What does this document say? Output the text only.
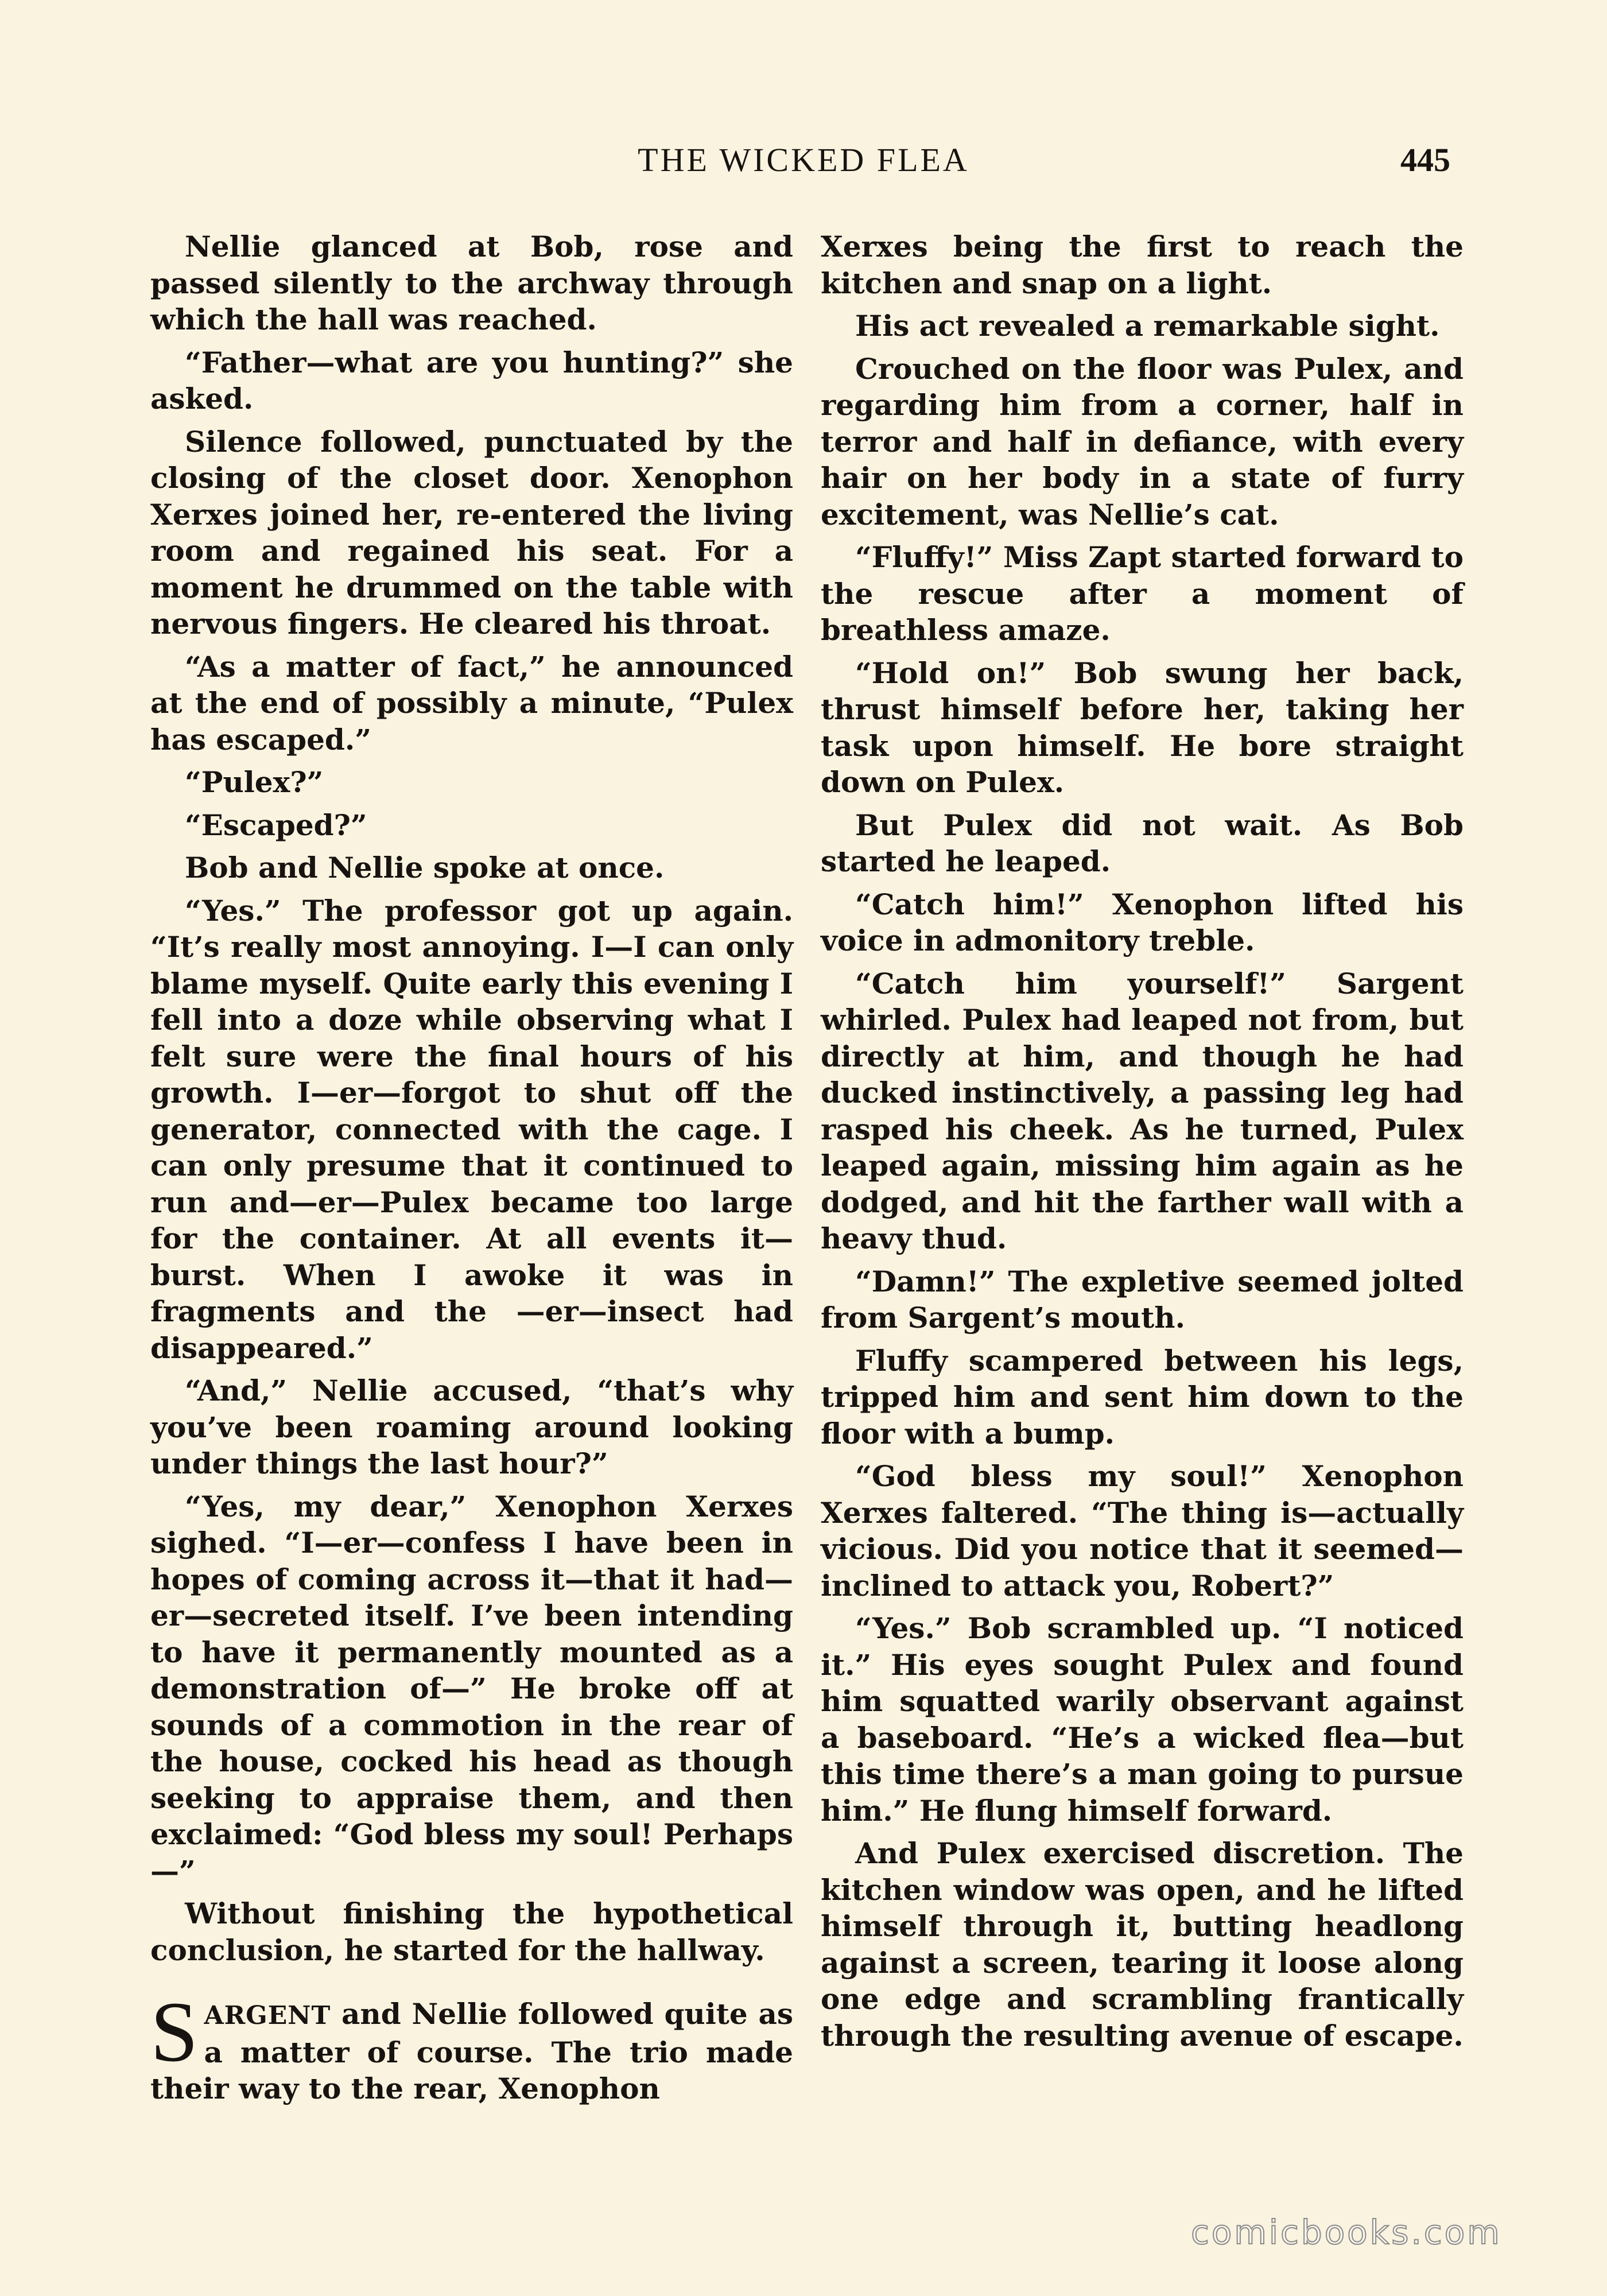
THE WICKED FLEA	445

Nellie glanced at Bob, rose and passed silently to the archway through which the hall was reached.

“Father—what are you hunting?” she asked.

Silence followed, punctuated by the closing of the closet door. Xenophon Xerxes joined her, re-entered the living room and regained his seat. For a moment he drummed on the table with nervous fingers. He cleared his throat.

“As a matter of fact,” he announced at the end of possibly a minute, “Pulex has escaped.”

“Pulex?”

“Escaped?”

Bob and Nellie spoke at once.

“Yes.” The professor got up again. “It’s really most annoying. I—I can only blame myself. Quite early this evening I fell into a doze while observing what I felt sure were the final hours of his growth. I—er—forgot to shut off the generator, connected with the cage. I can only presume that it continued to run and—er—Pulex became too large for the container. At all events it—burst. When I awoke it was in fragments and the —er—insect had disappeared.”

“And,” Nellie accused, “that’s why you’ve been roaming around looking under things the last hour?”

“Yes, my dear,” Xenophon Xerxes sighed. “I—er—confess I have been in hopes of coming across it—that it had—er—secreted itself. I’ve been intending to have it permanently mounted as a demonstration of—” He broke off at sounds of a commotion in the rear of the house, cocked his head as though seeking to appraise them, and then exclaimed: “God bless my soul! Perhaps—”

Without finishing the hypothetical conclusion, he started for the hallway.

SARGENT and Nellie followed quite as a matter of course. The trio made their way to the rear, Xenophon

Xerxes being the first to reach the kitchen and snap on a light.

His act revealed a remarkable sight.

Crouched on the floor was Pulex, and regarding him from a corner, half in terror and half in defiance, with every hair on her body in a state of furry excitement, was Nellie’s cat.

“Fluffy!” Miss Zapt started forward to the rescue after a moment of breathless amaze.

“Hold on!” Bob swung her back, thrust himself before her, taking her task upon himself. He bore straight down on Pulex.

But Pulex did not wait. As Bob started he leaped.

“Catch him!” Xenophon lifted his voice in admonitory treble.

“Catch him yourself!” Sargent whirled. Pulex had leaped not from, but directly at him, and though he had ducked instinctively, a passing leg had rasped his cheek. As he turned, Pulex leaped again, missing him again as he dodged, and hit the farther wall with a heavy thud.

“Damn!” The expletive seemed jolted from Sargent’s mouth.

Fluffy scampered between his legs, tripped him and sent him down to the floor with a bump.

“God bless my soul!” Xenophon Xerxes faltered. “The thing is—actually vicious. Did you notice that it seemed—inclined to attack you, Robert?”

“Yes.” Bob scrambled up. “I noticed it.” His eyes sought Pulex and found him squatted warily observant against a baseboard. “He’s a wicked flea—but this time there’s a man going to pursue him.” He flung himself forward.

And Pulex exercised discretion. The kitchen window was open, and he lifted himself through it, butting headlong against a screen, tearing it loose along one edge and scrambling frantically through the resulting avenue of escape.

comicbooks.com
